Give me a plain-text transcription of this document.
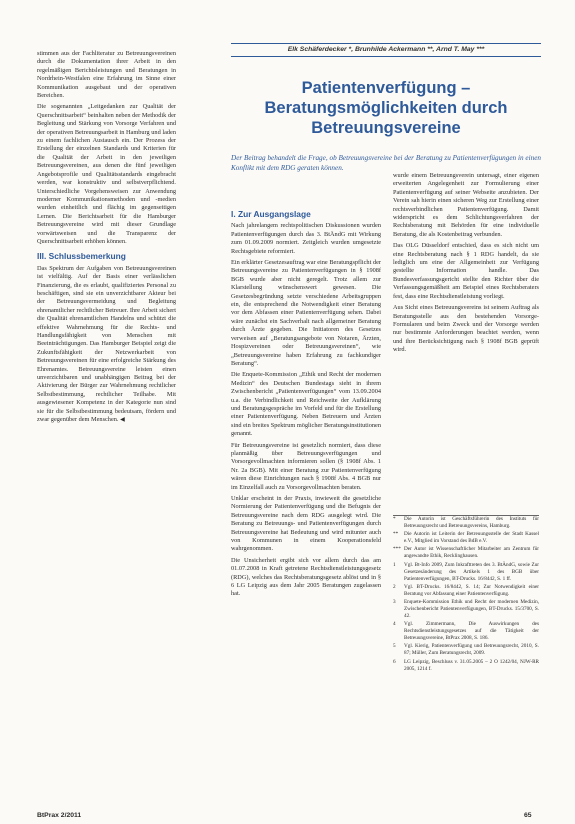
Elk Schäferdecker *, Brunhilde Ackermann **, Arnd T. May ***
Patientenverfügung –
Beratungsmöglichkeiten durch
Betreuungsvereine
Der Beitrag behandelt die Frage, ob Betreuungsvereine bei der Beratung zu Patientenverfügungen in einen Konflikt mit dem RDG geraten können.

stimmen aus der Fachliteratur zu Betreuungsvereinen durch die Dokumentation ihrer Arbeit in den regelmäßigen Berichtsleistungen und Beratungen in Nordrhein-Westfalen eine Erfahrung im Sinne einer Kommunikation ausgebaut und der operativen Bereichen.

Die sogenannten „Leitgedanken zur Qualität der Querschnittsarbeit“ beinhalten neben der Methodik der Begleitung und Stärkung von Vorsorge Verfahren und der operativen Betreuungsarbeit in Hamburg und laden zu einem fachlichen Austausch ein. Der Prozess der Erstellung der einzelnen Standards und Kriterien für die Qualität der Arbeit in den jeweiligen Betreuungsvereinen, aus denen die fünf jeweiligen Angebotsprofile und Qualitätsstandards eingebracht werden, war konstruktiv und selbstverpflichtend. Unterschiedliche Vorgehensweisen zur Anwendung moderner Kommunikationsmethoden und -medien wurden einheitlich und flächig im gegenseitigen Lernen. Die Berichtsarbeit für die Hamburger Betreuungsvereine wird mit dieser Grundlage vorwärtsweisen und die Transparenz der Querschnittsarbeit erhöhen können.

III. Schlussbemerkung

Das Spektrum der Aufgaben von Betreuungsvereinen ist vielfältig. Auf der Basis einer verlässlichen Finanzierung, die es erlaubt, qualifiziertes Personal zu beschäftigen, sind sie ein unverzichtbarer Akteur bei der Betreuungsvermeidung und Begleitung ehrenamtlicher rechtlicher Betreuer. Ihre Arbeit sichert die Qualität ehrenamtlichen Handelns und schützt die effektive Wahrnehmung für die Rechts- und Handlungsfähigkeit von Menschen mit Beeinträchtigungen. Das Hamburger Beispiel zeigt die Zukunftsfähigkeit der Netzwerkarbeit von Betreuungsvereinen für eine erfolgreiche Stärkung des Ehrenamtes. Betreuungsvereine leisten einen unverzichtbaren und unabhängigen Beitrag bei der Aktivierung der Bürger zur Wahrnehmung rechtlicher Selbstbestimmung, rechtlicher Teilhabe. Mit ausgewiesener Kompetenz in der Kategorie nun sind sie für die Selbstbestimmung bedeutsam, fördern und zwar gegenüber dem Menschen. ◀

I. Zur Ausgangslage

Nach jahrelangem rechtspolitischen Diskussionen wurden Patientenverfügungen durch das 3. BtÄndG mit Wirkung zum 01.09.2009 normiert. Zeitgleich wurden umgesetzte Rechtsgebiete reformiert.

Ein erklärter Gesetzesauftrag war eine Beratungspflicht der Betreuungsvereine zu Patientenverfügungen in § 1908f BGB wurde aber nicht geregelt. Trotz allem zur Klarstellung wünschenswert gewesen. Die Gesetzesbegründung setzte verschiedene Arbeitsgruppen ein, die entsprechend die Notwendigkeit einer Beratung vor dem Abfassen einer Patientenverfügung sehen. Dabei wäre zunächst ein Sachverhalt nach allgemeiner Beratung durch Ärzte gegeben. Die Initiatoren des Gesetzes verweisen auf „Beratungsangebote von Notaren, Ärzten, Hospizvereinen oder Betreuungsvereinen“, wie „Betreuungsvereine haben Erfahrung zu fachkundiger Beratung“.

Die Enquete-Kommission „Ethik und Recht der modernen Medizin“ des Deutschen Bundestags sieht in ihrem Zwischenbericht „Patientenverfügungen“ vom 13.09.2004 u.a. die Verbindlichkeit und Reichweite der Aufklärung und Beratungsgespräche im Vorfeld und für die Erstellung einer Patientenverfügung. Neben Betreuern und Ärzten sind ein breites Spektrum möglicher Beratungsinstitutionen genannt.

Für Betreuungsvereine ist gesetzlich normiert, dass diese planmäßig über Betreuungsverfügungen und Vorsorgevollmachten informieren sollen (§ 1908f Abs. 1 Nr. 2a BGB). Mit einer Beratung zur Patientenverfügung wären diese Einrichtungen nach § 1908f Abs. 4 BGB nur im Einzelfall auch zu Vorsorgevollmachten beraten.

Unklar erscheint in der Praxis, inwieweit die gesetzliche Normierung der Patientenverfügung und die Befugnis der Betreuungsvereine nach dem RDG ausgelegt wird. Die Beratung zu Betreuungs- und Patientenverfügungen durch Betreuungsvereine hat Bedeutung und wird mitunter auch von Kommunen in einem Kooperationsfeld wahrgenommen.

Die Unsicherheit ergibt sich vor allem durch das am 01.07.2008 in Kraft getretene Rechtsdienstleistungsgesetz (RDG), welches das Rechtsberatungsgesetz ablöst und in § 6 LG Leipzig aus dem Jahr 2005 Beratungen zugelassen hat.

wurde einem Betreuungsverein untersagt, einer eigenen erweiterten Angelegenheit zur Formulierung einer Patientenverfügung auf seiner Webseite anzubieten. Der Verein sah hierin einen sicheren Weg zur Erstellung einer rechtsverbindlichen Patientenverfügung. Damit widerspricht es dem Schlichtungsverfahren der Rechtsberatung mit Behörden für eine individuelle Beratung, die als Kostenbeitrag verbunden.

Das OLG Düsseldorf entschied, dass es sich nicht um eine Rechtsberatung nach § 1 RDG handelt, da sie lediglich um eine der Allgemeinheit zur Verfügung gestellte Information handle. Das Bundesverfassungsgericht stellte den Richter über die Verfassungsgemäßheit am Beispiel eines Rechtsberaters fest, dass eine Rechtsdienstleistung vorliegt.

Aus Sicht eines Betreuungsvereins ist seinem Auftrag als Beratungsstelle aus den bestehenden Vorsorge-Formularen und beim Zweck und der Vorsorge werden nur bestimmte Anforderungen beachtet werden, wenn und ihre Berücksichtigung nach § 1908f BGB geprüft wird.

*	Die Autorin ist Geschäftsführerin des Instituts für Betreuungsrecht und Betreuungsvereins, Hamburg.
**	Die Autorin ist Leiterin der Betreuungsstelle der Stadt Kassel e.V., Mitglied im Vorstand des BdB e.V.
*** Der Autor ist Wissenschaftlicher Mitarbeiter am Zentrum für angewandte Ethik, Recklinghausen.
1	Vgl. Bt-Info 2009, Zum Inkrafttreten des 3. BtÄndG, sowie Zur Gesetzesänderung des Artikels 1 des BGB über Patientenverfügungen, BT-Drucks. 16/8442, S. 1 ff.
2	Vgl. BT-Drucks. 16/8442, S. 14; Zur Notwendigkeit einer Beratung vor Abfassung einer Patientenverfügung.
3	Enquete-Kommission Ethik und Recht der modernen Medizin, Zwischenbericht Patientenverfügungen, BT-Drucks. 15/3700, S. 42.
4	Vgl. Zimmermann, Die Auswirkungen des Rechtsdienstleistungsgesetzes auf die Tätigkeit der Betreuungsvereine, BtPrax 2008, S. 186.
5	Vgl. Kierig, Patientenverfügung und Betreuungsrecht, 2010, S. 87; Müller, Zum Beratungsrecht, 2009.
6	LG Leipzig, Beschluss v. 31.05.2005 – 2 O 1242/04, NJW-RR 2005, 1214 f.
BtPrax 2/2011	65
